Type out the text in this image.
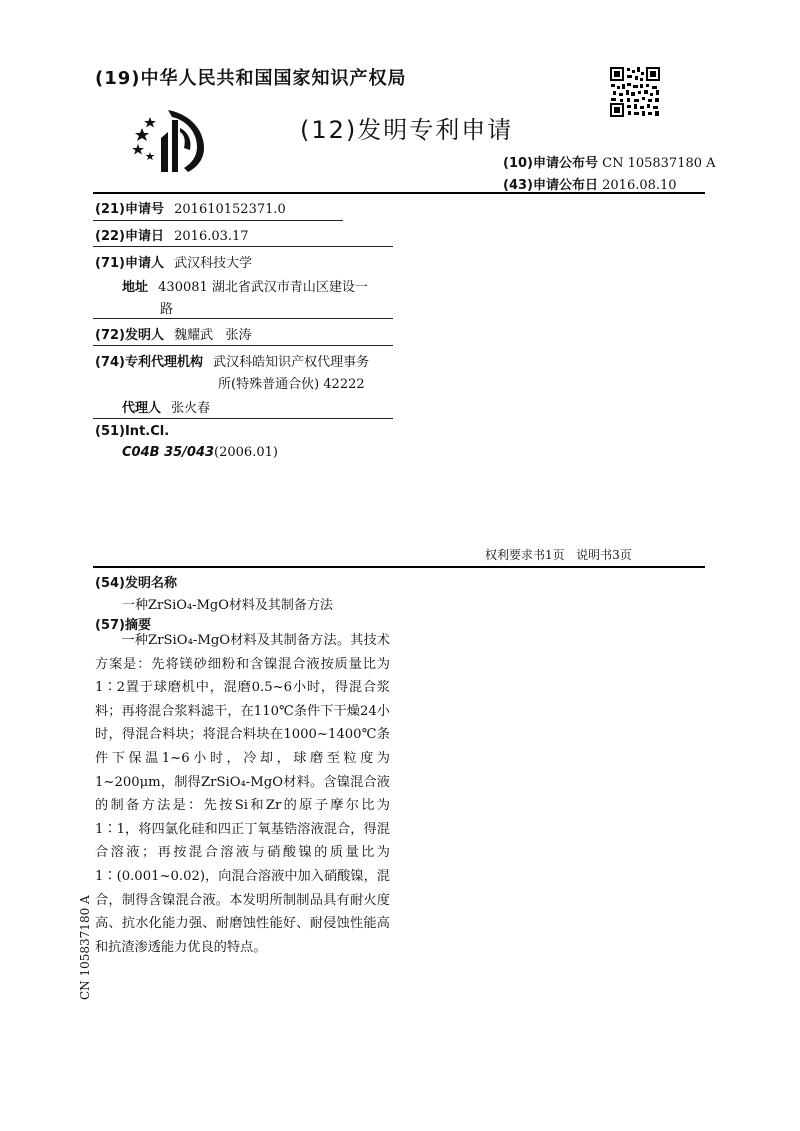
(19)中华人民共和国国家知识产权局
(12)发明专利申请
(10)申请公布号 CN 105837180 A
(43)申请公布日 2016.08.10
(21)申请号 201610152371.0
(22)申请日 2016.03.17
(71)申请人 武汉科技大学
地址 430081 湖北省武汉市青山区建设一
路
(72)发明人 魏耀武   张涛
(74)专利代理机构 武汉科皓知识产权代理事务
所(特殊普通合伙) 42222
代理人 张火春
(51)Int.Cl.
C04B 35/043(2006.01)
权利要求书1页   说明书3页
(54)发明名称
一种ZrSiO₄-MgO材料及其制备方法
(57)摘要
一种ZrSiO₄-MgO材料及其制备方法。其技术方案是：先将镁砂细粉和含镍混合液按质量比为1∶2置于球磨机中，混磨0.5~6小时，得混合浆料；再将混合浆料滤干，在110℃条件下干燥24小时，得混合料块；将混合料块在1000~1400℃条件下保温1~6小时，冷却，球磨至粒度为1~200μm，制得ZrSiO₄-MgO材料。含镍混合液的制备方法是：先按Si和Zr的原子摩尔比为1∶1，将四氯化硅和四正丁氧基锆溶液混合，得混合溶液；再按混合溶液与硝酸镍的质量比为1∶(0.001~0.02)，向混合溶液中加入硝酸镍，混合，制得含镍混合液。本发明所制制品具有耐火度高、抗水化能力强、耐磨蚀性能好、耐侵蚀性能高和抗渣渗透能力优良的特点。
CN 105837180 A
